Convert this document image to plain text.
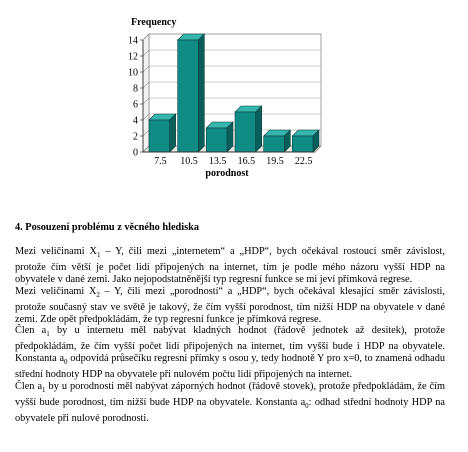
0
2
4
6
8
10
12
14
7.5 10.5 13.5 16.5 19.5 22.5
Frequency
porodnost

4. Posouzení problému z věcného hlediska

Mezi veličinami $X_1$ – Y, čili mezi „internetem“ a „HDP“, bych očekával rostoucí směr závislost, protože čím větší je počet lidí připojených na internet, tím je podle mého názoru vyšší HDP na obyvatele v dané zemi. Jako nejopodstatněnější typ regresní funkce se mi jeví přímková regrese.

Mezi veličinami $X_2$ – Y, čili mezi „porodností“ a „HDP“, bych očekával klesající směr závislosti, protože současný stav ve světě je takový, že čím vyšší porodnost, tím nižší HDP na obyvatele v dané zemi. Zde opět předpokládám, že typ regresní funkce je přímková regrese.

Člen $a_1$ by u internetu měl nabývat kladných hodnot (řádově jednotek až desítek), protože předpokládám, že čím vyšší počet lidí připojených na internet, tím vyšší bude i HDP na obyvatele. Konstanta $a_0$ odpovídá průsečíku regresní přímky s osou y, tedy hodnotě Y pro x=0, to znamená odhadu střední hodnoty HDP na obyvatele při nulovém počtu lidí připojených na internet.

Člen $a_1$ by u porodnosti měl nabývat záporných hodnot (řádově stovek), protože předpokládám, že čím vyšší bude porodnost, tím nižší bude HDP na obyvatele. Konstanta $a_0$: odhad střední hodnoty HDP na obyvatele při nulové porodnosti.
